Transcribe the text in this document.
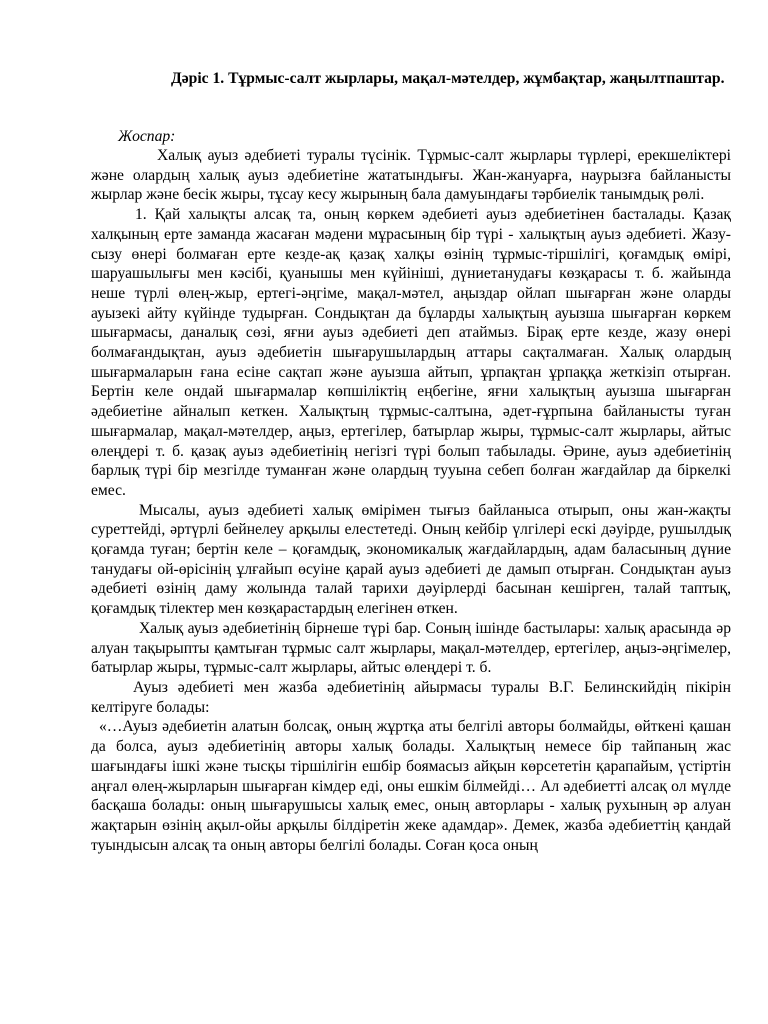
Дәріс 1. Тұрмыс-салт жырлары, мақал-мәтелдер, жұмбақтар, жаңылтпаштар.

Жоспар:

Халық ауыз әдебиеті туралы түсінік. Тұрмыс-салт жырлары түрлері, ерекшеліктері және олардың халық ауыз әдебиетіне жататындығы. Жан-жануарға, наурызға байланысты жырлар және бесік жыры, тұсау кесу жырының бала дамуындағы тәрбиелік танымдық рөлі.

1. Қай халықты алсақ та, оның көркем әдебиеті ауыз әдебиетінен басталады. Қазақ халқының ерте заманда жасаған мәдени мұрасының бір түрі - халықтың ауыз әдебиеті. Жазу-сызу өнері болмаған ерте кезде-ақ қазақ халқы өзінің тұрмыс-тіршілігі, қоғамдық өмірі, шаруашылығы мен кәсібі, қуанышы мен күйініші, дүниетанудағы көзқарасы т. б. жайында неше түрлі өлең-жыр, ертегі-әңгіме, мақал-мәтел, аңыздар ойлап шығарған және оларды ауызекі айту күйінде тудырған. Сондықтан да бұларды халықтың ауызша шығарған көркем шығармасы, даналық сөзі, яғни ауыз әдебиеті деп атаймыз. Бірақ ерте кезде, жазу өнері болмағандықтан, ауыз әдебиетін шығарушылардың аттары сақталмаған. Халық олардың шығармаларын ғана есіне сақтап және ауызша айтып, ұрпақтан ұрпаққа жеткізіп отырған. Бертін келе ондай шығармалар көпшіліктің еңбегіне, яғни халықтың ауызша шығарған әдебиетіне айналып кеткен. Халықтың тұрмыс-салтына, әдет-ғұрпына байланысты туған шығармалар, мақал-мәтелдер, аңыз, ертегілер, батырлар жыры, тұрмыс-салт жырлары, айтыс өлеңдері т. б. қазақ ауыз әдебиетінің негізгі түрі болып табылады. Әрине, ауыз әдебиетінің барлық түрі бір мезгілде туманған және олардың тууына себеп болған жағдайлар да біркелкі емес.

Мысалы, ауыз әдебиеті халық өмірімен тығыз байланыса отырып, оны жан-жақты суреттейді, әртүрлі бейнелеу арқылы елестетеді. Оның кейбір үлгілері ескі дәуірде, рушылдық қоғамда туған; бертін келе – қоғамдық, экономикалық жағдайлардың, адам баласының дүние танудағы ой-өрісінің ұлғайып өсуіне қарай ауыз әдебиеті де дамып отырған. Сондықтан ауыз әдебиеті өзінің даму жолында талай тарихи дәуірлерді басынан кешірген, талай таптық, қоғамдық тілектер мен көзқарастардың елегінен өткен.

Халық ауыз әдебиетінің бірнеше түрі бар. Соның ішінде бастылары: халық арасында әр алуан тақырыпты қамтыған тұрмыс салт жырлары, мақал-мәтелдер, ертегілер, аңыз-әңгімелер, батырлар жыры, тұрмыс-салт жырлары, айтыс өлеңдері т. б.

Ауыз әдебиеті мен жазба әдебиетінің айырмасы туралы В.Г. Белинскийдің пікірін келтіруге болады:

«…Ауыз әдебиетін алатын болсақ, оның жұртқа аты белгілі авторы болмайды, өйткені қашан да болса, ауыз әдебиетінің авторы халық болады. Халықтың немесе бір тайпаның жас шағындағы ішкі және тысқы тіршілігін ешбір боямасыз айқын көрсететін қарапайым, үстіртін аңғал өлең-жырларын шығарған кімдер еді, оны ешкім білмейді… Ал әдебиетті алсақ ол мүлде басқаша болады: оның шығарушысы халық емес, оның авторлары - халық рухының әр алуан жақтарын өзінің ақыл-ойы арқылы білдіретін жеке адамдар». Демек, жазба әдебиеттің қандай туындысын алсақ та оның авторы белгілі болады. Соған қоса оның
